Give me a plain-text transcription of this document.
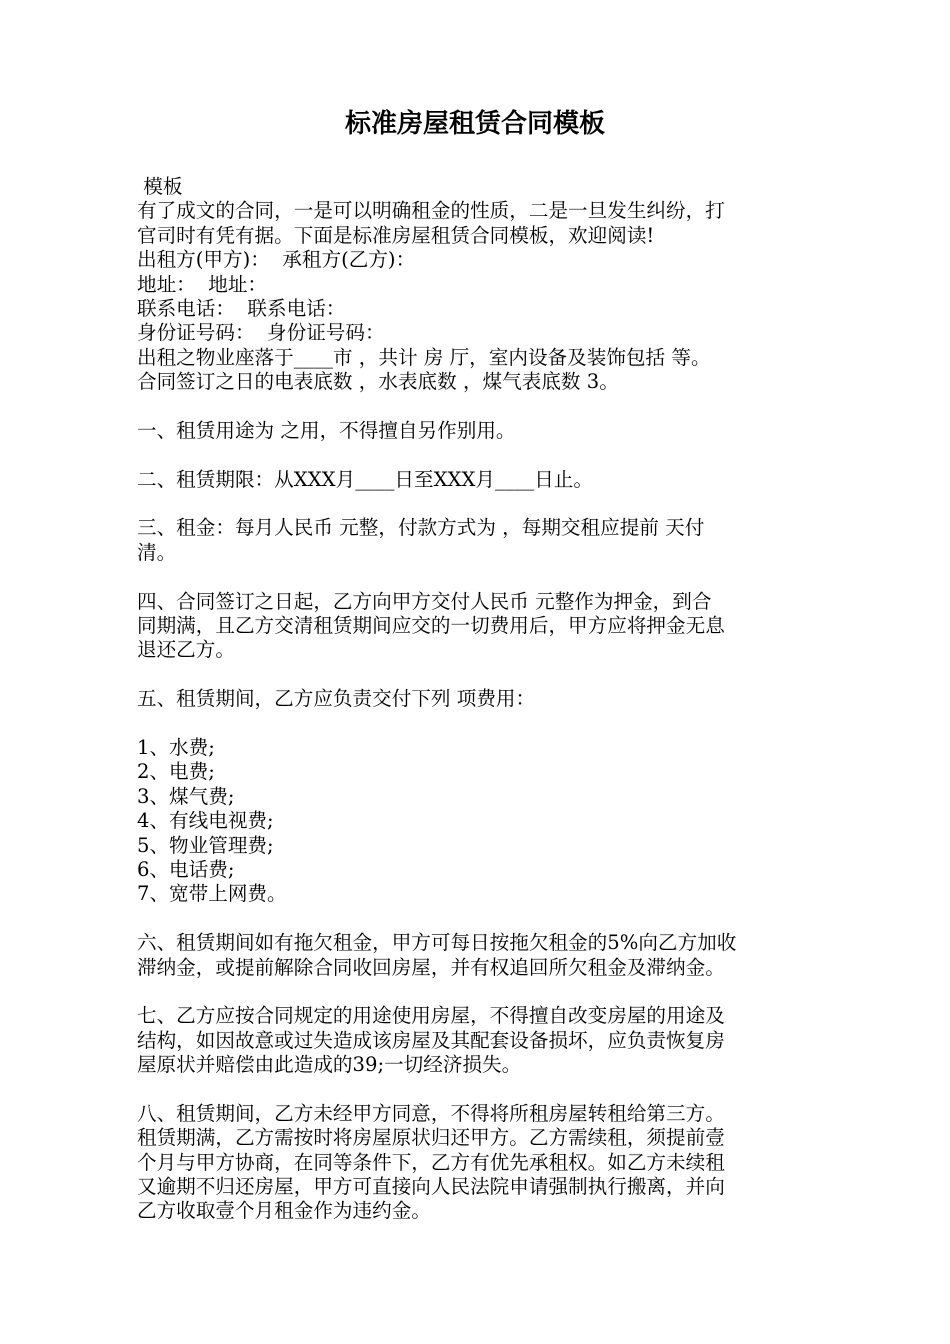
标准房屋租赁合同模板
模板
有了成文的合同，一是可以明确租金的性质，二是一旦发生纠纷，打
官司时有凭有据。下面是标准房屋租赁合同模板，欢迎阅读!
出租方(甲方)：  承租方(乙方)：
地址：  地址：
联系电话：  联系电话：
身份证号码：  身份证号码：
出租之物业座落于____市 ，共计 房 厅，室内设备及装饰包括 等。
合同签订之日的电表底数 ，水表底数 ，煤气表底数 3。
一、租赁用途为 之用，不得擅自另作别用。
二、租赁期限：从XXX月____日至XXX月____日止。
三、租金：每月人民币 元整，付款方式为 ，每期交租应提前 天付
清。
四、合同签订之日起，乙方向甲方交付人民币 元整作为押金，到合
同期满，且乙方交清租赁期间应交的一切费用后，甲方应将押金无息
退还乙方。
五、租赁期间，乙方应负责交付下列 项费用：
1、水费;
2、电费;
3、煤气费;
4、有线电视费;
5、物业管理费;
6、电话费;
7、宽带上网费。
六、租赁期间如有拖欠租金，甲方可每日按拖欠租金的5%向乙方加收
滞纳金，或提前解除合同收回房屋，并有权追回所欠租金及滞纳金。
七、乙方应按合同规定的用途使用房屋，不得擅自改变房屋的用途及
结构，如因故意或过失造成该房屋及其配套设备损坏，应负责恢复房
屋原状并赔偿由此造成的39;一切经济损失。
八、租赁期间，乙方未经甲方同意，不得将所租房屋转租给第三方。
租赁期满，乙方需按时将房屋原状归还甲方。乙方需续租，须提前壹
个月与甲方协商，在同等条件下，乙方有优先承租权。如乙方未续租
又逾期不归还房屋，甲方可直接向人民法院申请强制执行搬离，并向
乙方收取壹个月租金作为违约金。
